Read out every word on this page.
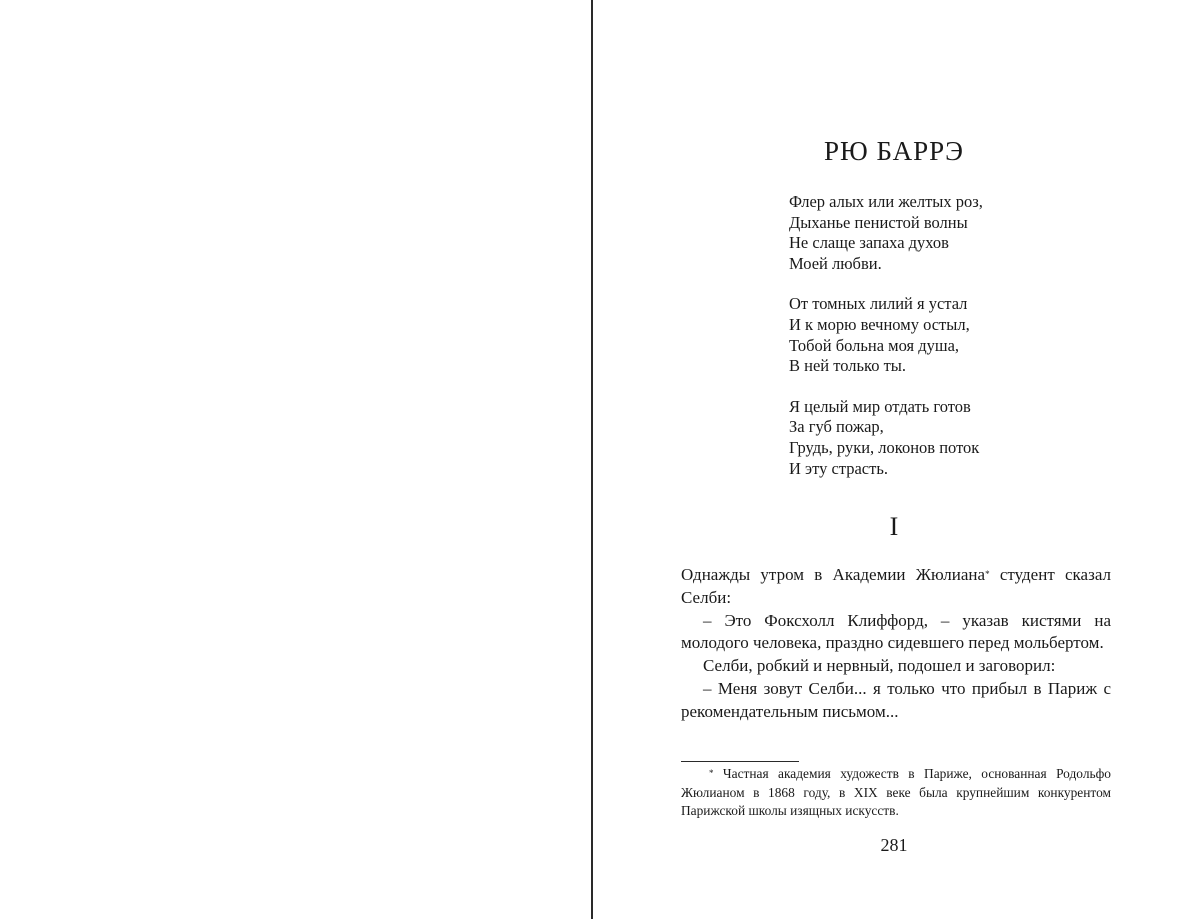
РЮ БАРРЭ
Флер алых или желтых роз,
Дыханье пенистой волны
Не слаще запаха духов
Моей любви.
От томных лилий я устал
И к морю вечному остыл,
Тобой больна моя душа,
В ней только ты.
Я целый мир отдать готов
За губ пожар,
Грудь, руки, локонов поток
И эту страсть.
I

Однажды утром в Академии Жюлиана* студент сказал Селби:

– Это Фоксхолл Клиффорд, – указав кистями на молодого человека, праздно сидевшего перед мольбертом.

Селби, робкий и нервный, подошел и заговорил:

– Меня зовут Селби... я только что прибыл в Париж с рекомендательным письмом...

* Частная академия художеств в Париже, основанная Родольфо Жюлианом в 1868 году, в XIX веке была крупнейшим конкурентом Парижской школы изящных искусств.

281
